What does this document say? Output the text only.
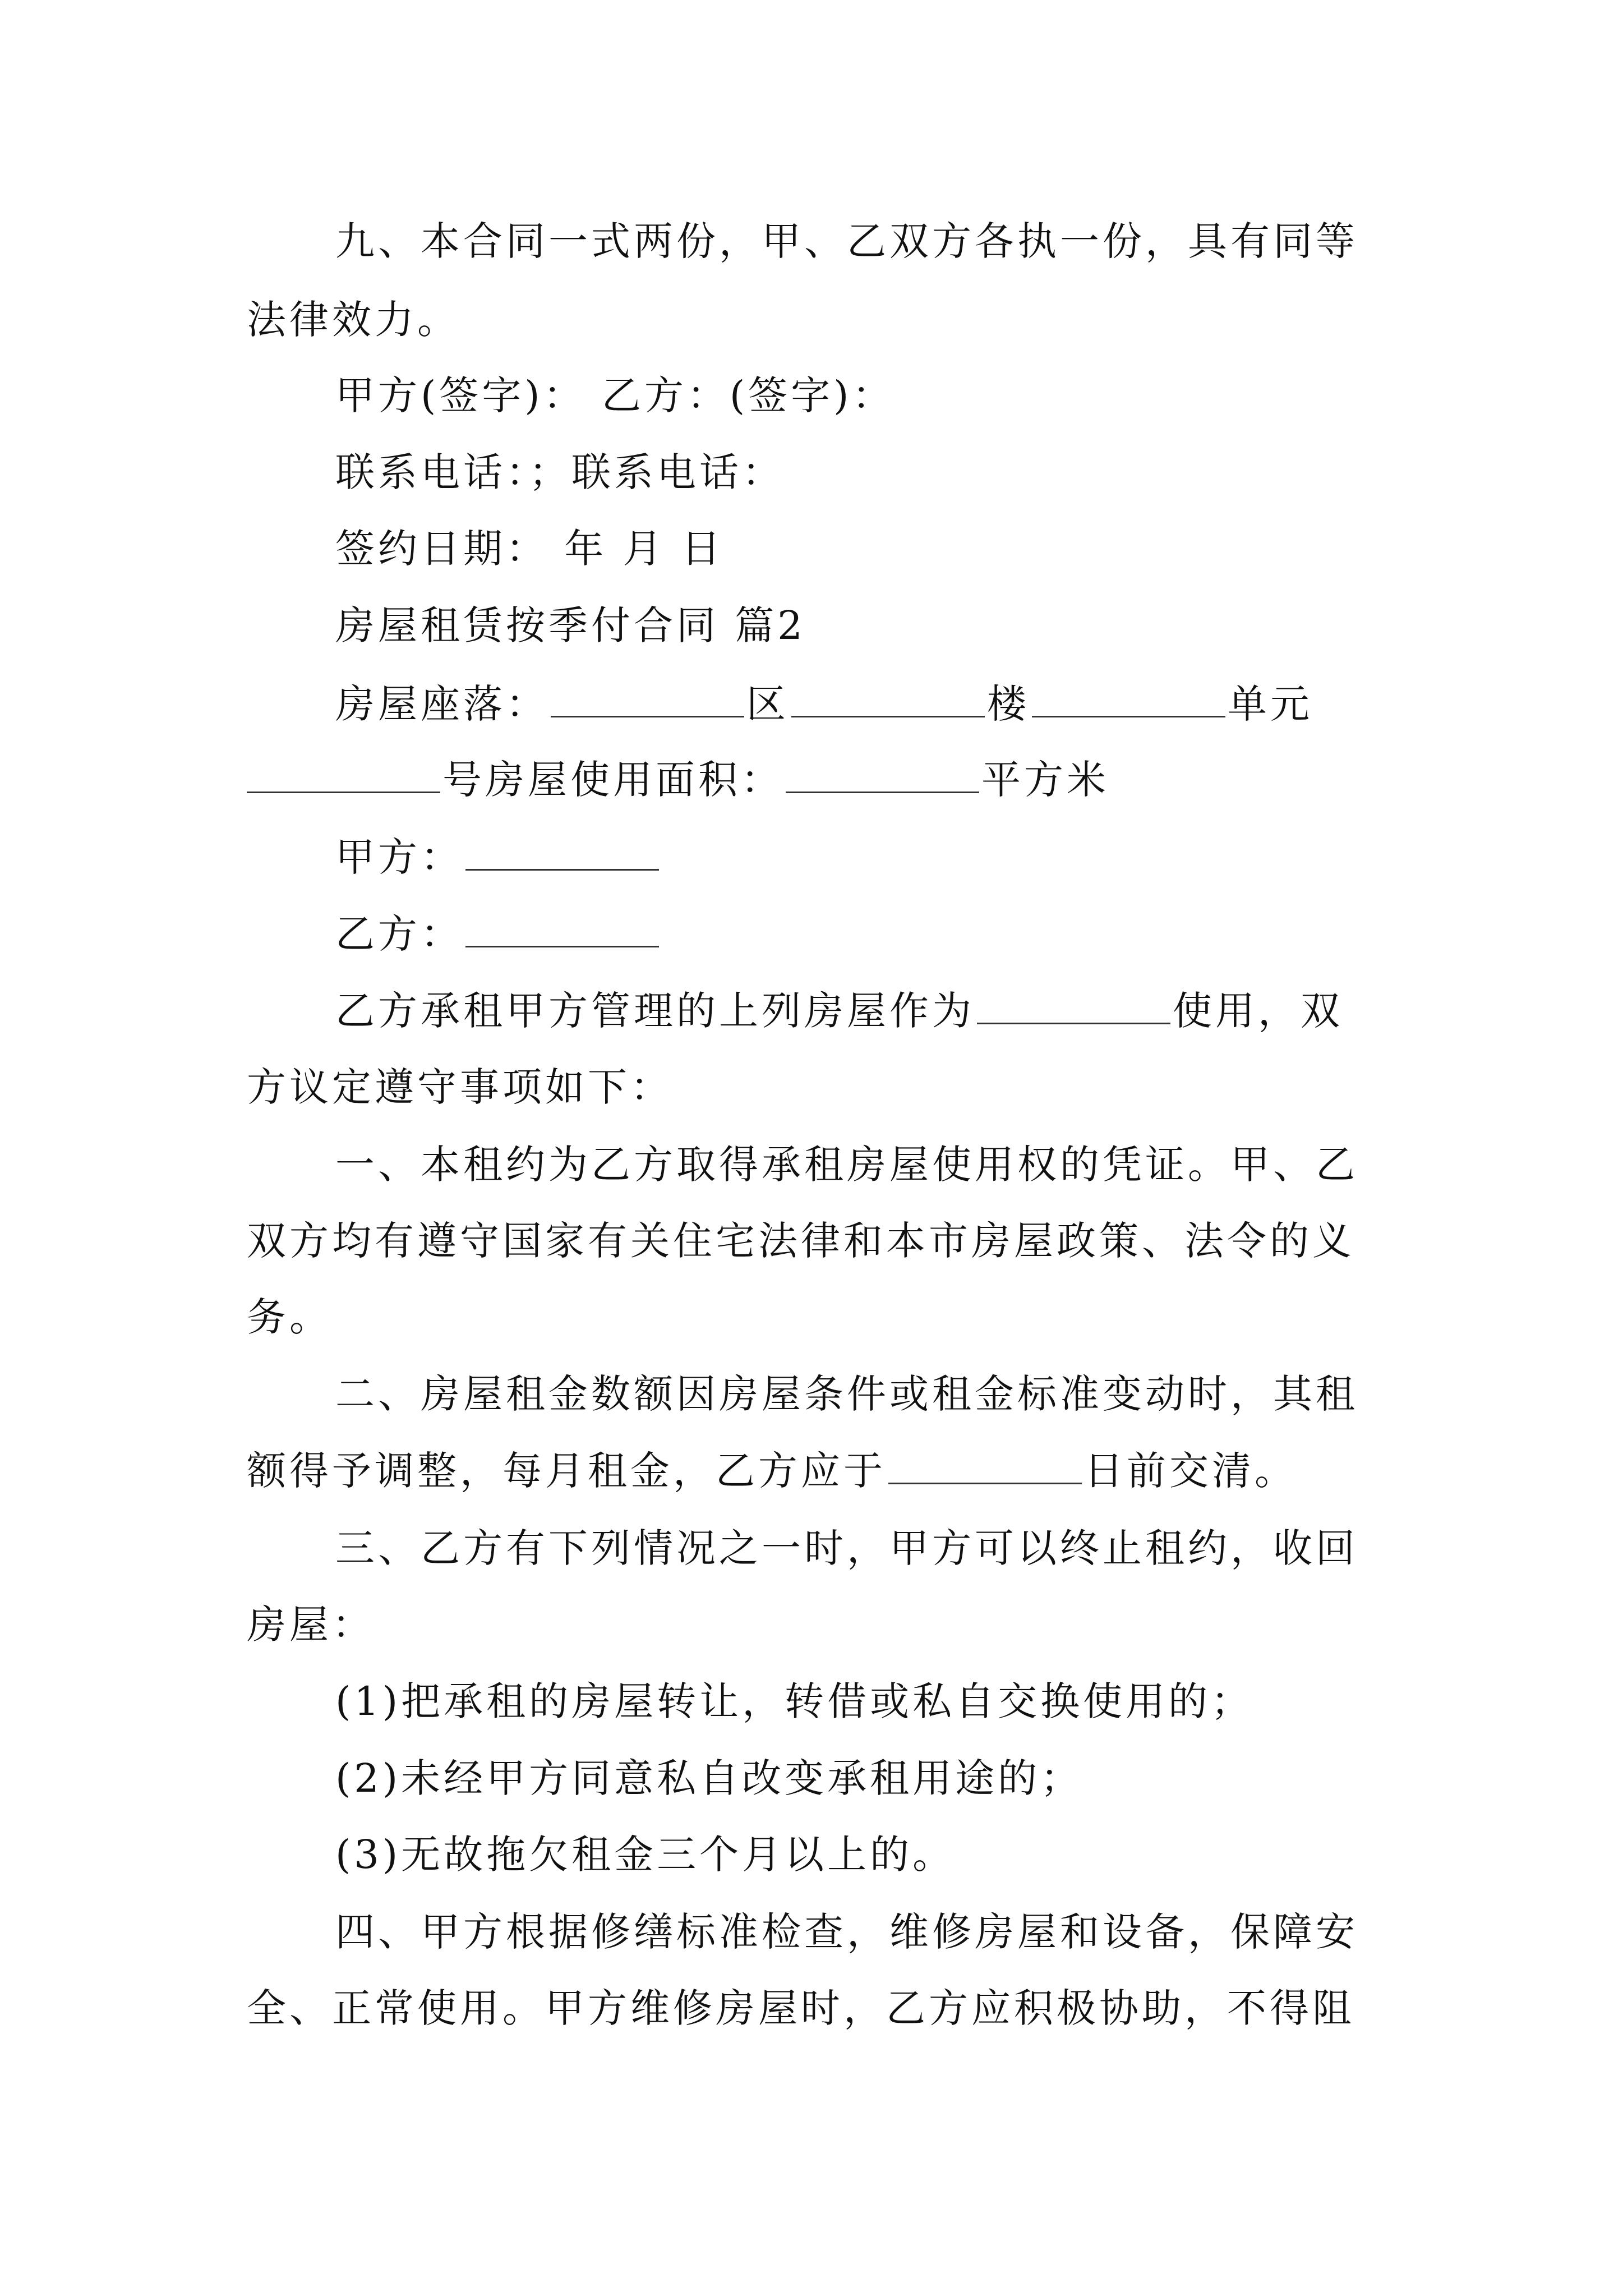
九、本合同一式两份，甲、乙双方各执一份，具有同等
法律效力。
甲方(签字)： 乙方：(签字)：
联系电话：；联系电话：
签约日期： 年 月 日
房屋租赁按季付合同 篇2
房屋座落：	区	楼	单元
号房屋使用面积：	平方米
甲方：
乙方：
乙方承租甲方管理的上列房屋作为	使用，双
方议定遵守事项如下：
一、本租约为乙方取得承租房屋使用权的凭证。甲、乙
双方均有遵守国家有关住宅法律和本市房屋政策、法令的义
务。
二、房屋租金数额因房屋条件或租金标准变动时，其租
额得予调整，每月租金，乙方应于	日前交清。
三、乙方有下列情况之一时，甲方可以终止租约，收回
房屋：
(1)把承租的房屋转让，转借或私自交换使用的；
(2)未经甲方同意私自改变承租用途的；
(3)无故拖欠租金三个月以上的。
四、甲方根据修缮标准检查，维修房屋和设备，保障安
全、正常使用。甲方维修房屋时，乙方应积极协助，不得阻
